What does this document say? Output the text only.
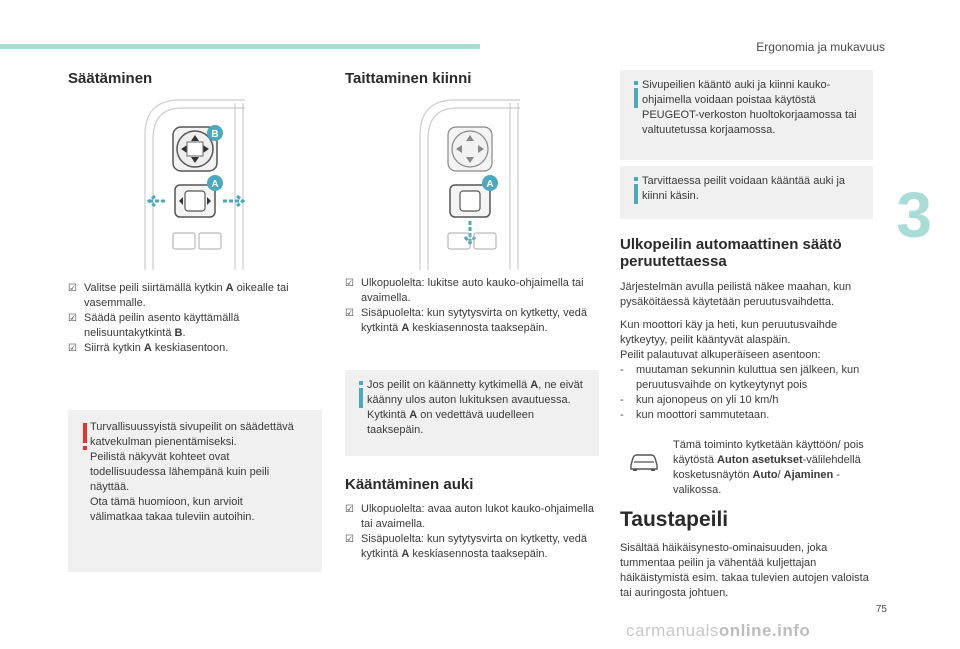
Ergonomia ja mukavuus
3
75
carmanualsonline.info
Säätäminen
B
A
☑ Valitse peili siirtämällä kytkin A oikealle tai vasemmalle.
☑ Säädä peilin asento käyttämällä nelisuuntakytkintä B.
☑ Siirrä kytkin A keskiasentoon.
Turvallisuussyistä sivupeilit on säädettävä
katvekulman pienentämiseksi.
Peilistä näkyvät kohteet ovat
todellisuudessa lähempänä kuin peili
näyttää.
Ota tämä huomioon, kun arvioit
välimatkaa takaa tuleviin autoihin.
Taittaminen kiinni
A
☑ Ulkopuolelta: lukitse auto kauko-ohjaimella tai avaimella.
☑ Sisäpuolelta: kun sytytysvirta on kytketty, vedä kytkintä A keskiasennosta taaksepäin.
Jos peilit on käännetty kytkimellä A, ne eivät käänny ulos auton lukituksen avautuessa. Kytkintä A on vedettävä uudelleen taaksepäin.
Kääntäminen auki
☑ Ulkopuolelta: avaa auton lukot kauko-ohjaimella tai avaimella.
☑ Sisäpuolelta: kun sytytysvirta on kytketty, vedä kytkintä A keskiasennosta taaksepäin.
Sivupeilien kääntö auki ja kiinni kauko-ohjaimella voidaan poistaa käytöstä PEUGEOT-verkoston huoltokorjaamossa tai valtuutetussa korjaamossa.
Tarvittaessa peilit voidaan kääntää auki ja kiinni käsin.
Ulkopeilin automaattinen säätö peruutettaessa
Järjestelmän avulla peilistä näkee maahan, kun pysäköitäessä käytetään peruutusvaihdetta.
Kun moottori käy ja heti, kun peruutusvaihde kytkeytyy, peilit kääntyvät alaspäin.
Peilit palautuvat alkuperäiseen asentoon:
- muutaman sekunnin kuluttua sen jälkeen, kun peruutusvaihde on kytkeytynyt pois
- kun ajonopeus on yli 10 km/h
- kun moottori sammutetaan.
Tämä toiminto kytketään käyttöön/ pois käytöstä Auton asetukset-välilehdellä kosketusnäytön Auto/ Ajaminen -valikossa.
Taustapeili
Sisältää häikäisynesto-ominaisuuden, joka tummentaa peilin ja vähentää kuljettajan häikäistymistä esim. takaa tulevien autojen valoista tai auringosta johtuen.
